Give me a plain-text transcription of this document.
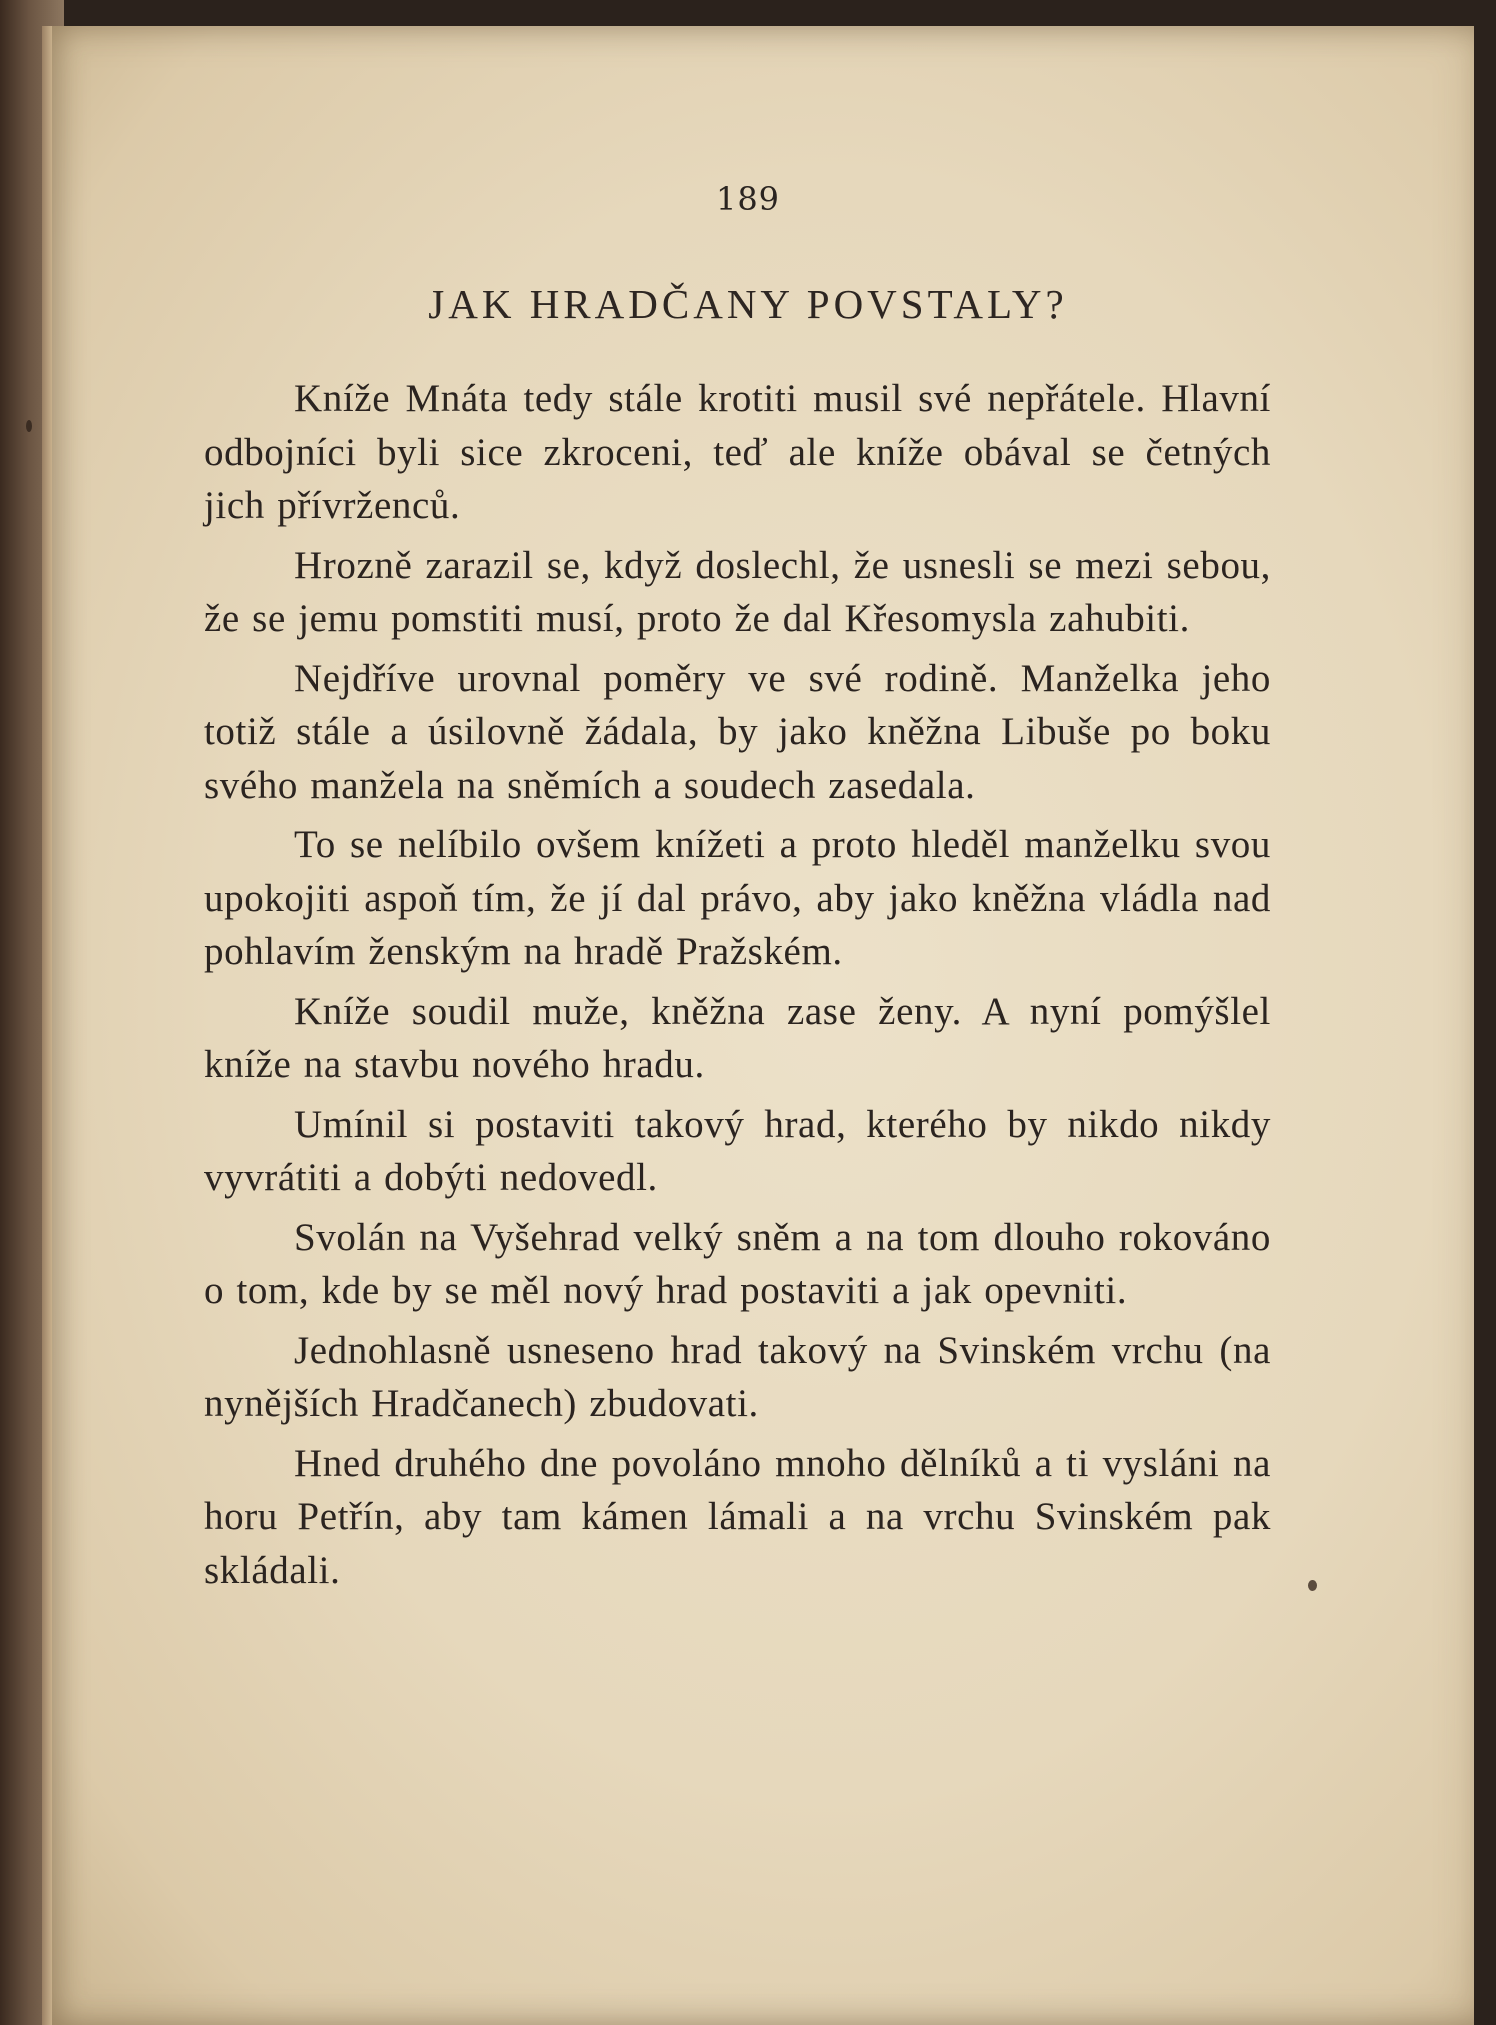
189
JAK HRADČANY POVSTALY?

Kníže Mnáta tedy stále krotiti musil své nepřátele. Hlavní odbojníci byli sice zkroceni, teď ale kníže obával se četných jich přívrženců.

Hrozně zarazil se, když doslechl, že usnesli se mezi sebou, že se jemu pomstiti musí, proto že dal Křesomysla zahubiti.

Nejdříve urovnal poměry ve své rodině. Manželka jeho totiž stále a úsilovně žádala, by jako kněžna Libuše po boku svého manžela na sněmích a soudech zasedala.

To se nelíbilo ovšem knížeti a proto hleděl manželku svou upokojiti aspoň tím, že jí dal právo, aby jako kněžna vládla nad pohlavím ženským na hradě Pražském.

Kníže soudil muže, kněžna zase ženy. A nyní pomýšlel kníže na stavbu nového hradu.

Umínil si postaviti takový hrad, kterého by nikdo nikdy vyvrátiti a dobýti nedovedl.

Svolán na Vyšehrad velký sněm a na tom dlouho rokováno o tom, kde by se měl nový hrad postaviti a jak opevniti.

Jednohlasně usneseno hrad takový na Svinském vrchu (na nynějších Hradčanech) zbudovati.

Hned druhého dne povoláno mnoho dělníků a ti vysláni na horu Petřín, aby tam kámen lámali a na vrchu Svinském pak skládali.
